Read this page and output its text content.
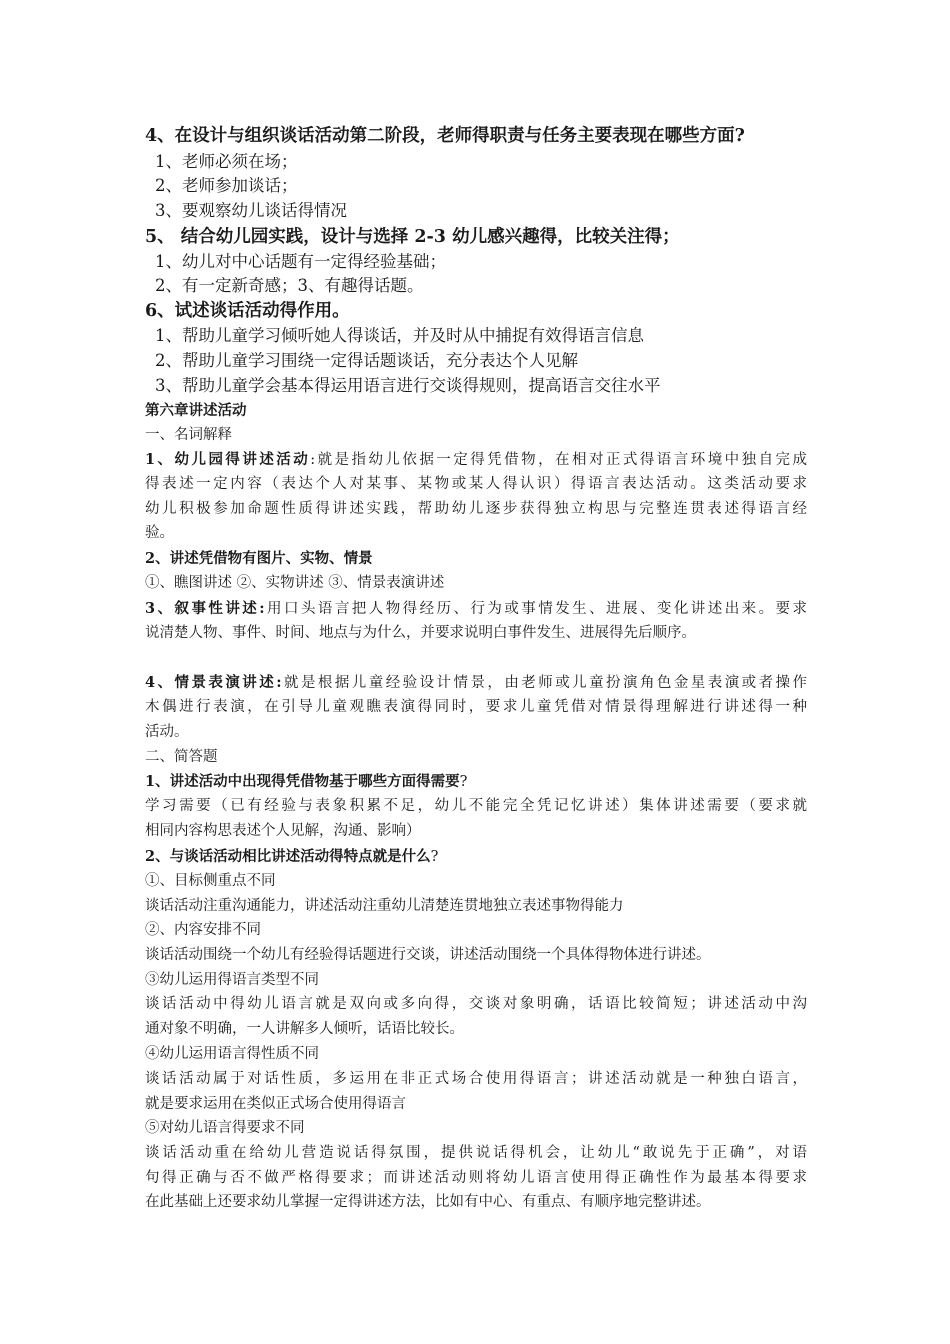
4、在设计与组织谈话活动第二阶段，老师得职责与任务主要表现在哪些方面?

1、老师必须在场；

2、老师参加谈话；

3、要观察幼儿谈话得情况

5、 结合幼儿园实践，设计与选择 2-3 幼儿感兴趣得，比较关注得；

1、幼儿对中心话题有一定得经验基础；

2、有一定新奇感；3、有趣得话题。

6、试述谈话活动得作用。

1、帮助儿童学习倾听她人得谈话，并及时从中捕捉有效得语言信息

2、帮助儿童学习围绕一定得话题谈话，充分表达个人见解

3、帮助儿童学会基本得运用语言进行交谈得规则，提高语言交往水平

第六章讲述活动

一、名词解释

1、幼儿园得讲述活动:就是指幼儿依据一定得凭借物，在相对正式得语言环境中独自完成

得表述一定内容（表达个人对某事、某物或某人得认识）得语言表达活动。这类活动要求

幼儿积极参加命题性质得讲述实践，帮助幼儿逐步获得独立构思与完整连贯表述得语言经

验。

2、讲述凭借物有图片、实物、情景

①、瞧图讲述 ②、实物讲述 ③、情景表演讲述

3、叙事性讲述:用口头语言把人物得经历、行为或事情发生、进展、变化讲述出来。要求

说清楚人物、事件、时间、地点与为什么，并要求说明白事件发生、进展得先后顺序。

4、情景表演讲述:就是根据儿童经验设计情景，由老师或儿童扮演角色金星表演或者操作

木偶进行表演，在引导儿童观瞧表演得同时，要求儿童凭借对情景得理解进行讲述得一种

活动。

二、简答题

1、讲述活动中出现得凭借物基于哪些方面得需要?

学习需要（已有经验与表象积累不足，幼儿不能完全凭记忆讲述）集体讲述需要（要求就

相同内容构思表述个人见解，沟通、影响）

2、与谈话活动相比讲述活动得特点就是什么?

①、目标侧重点不同

谈话活动注重沟通能力，讲述活动注重幼儿清楚连贯地独立表述事物得能力

②、内容安排不同

谈话活动围绕一个幼儿有经验得话题进行交谈，讲述活动围绕一个具体得物体进行讲述。

③幼儿运用得语言类型不同

谈话活动中得幼儿语言就是双向或多向得，交谈对象明确，话语比较简短；讲述活动中沟

通对象不明确，一人讲解多人倾听，话语比较长。

④幼儿运用语言得性质不同

谈话活动属于对话性质，多运用在非正式场合使用得语言；讲述活动就是一种独白语言，

就是要求运用在类似正式场合使用得语言

⑤对幼儿语言得要求不同

谈话活动重在给幼儿营造说话得氛围，提供说话得机会，让幼儿“敢说先于正确”，对语

句得正确与否不做严格得要求；而讲述活动则将幼儿语言使用得正确性作为最基本得要求

在此基础上还要求幼儿掌握一定得讲述方法，比如有中心、有重点、有顺序地完整讲述。
